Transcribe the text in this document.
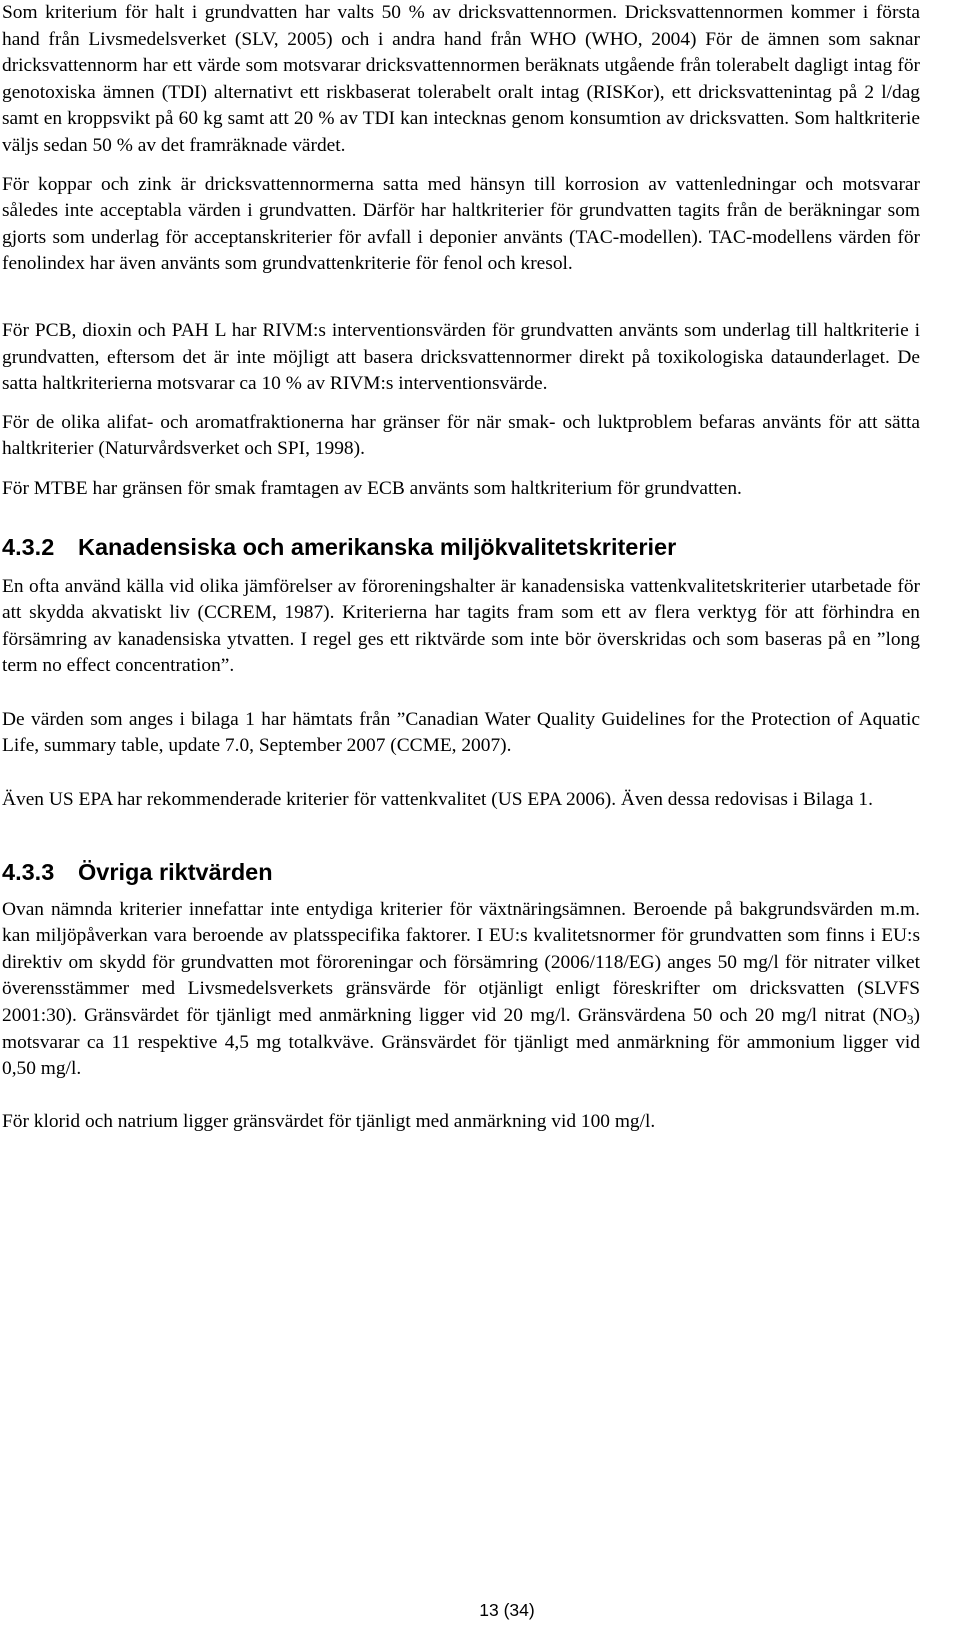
Som kriterium för halt i grundvatten har valts 50 % av dricksvattennormen. Dricksvattennormen kommer i första hand från Livsmedelsverket (SLV, 2005) och i andra hand från WHO (WHO, 2004) För de ämnen som saknar dricksvattennorm har ett värde som motsvarar dricksvattennormen beräknats utgående från tolerabelt dagligt intag för genotoxiska ämnen (TDI) alternativt ett riskbaserat tolerabelt oralt intag (RISKor), ett dricksvattenintag på 2 l/dag samt en kroppsvikt på 60 kg samt att 20 % av TDI kan intecknas genom konsumtion av dricksvatten. Som haltkriterie väljs sedan 50 % av det framräknade värdet.

För koppar och zink är dricksvattennormerna satta med hänsyn till korrosion av vattenledningar och motsvarar således inte acceptabla värden i grundvatten. Därför har haltkriterier för grundvatten tagits från de beräkningar som gjorts som underlag för acceptanskriterier för avfall i deponier använts (TAC-modellen). TAC-modellens värden för fenolindex har även använts som grundvattenkriterie för fenol och kresol.

För PCB, dioxin och PAH L har RIVM:s interventionsvärden för grundvatten använts som underlag till haltkriterie i grundvatten, eftersom det är inte möjligt att basera dricksvattennormer direkt på toxikologiska dataunderlaget. De satta haltkriterierna motsvarar ca 10 % av RIVM:s interventionsvärde.

För de olika alifat- och aromatfraktionerna har gränser för när smak- och luktproblem befaras använts för att sätta haltkriterier (Naturvårdsverket och SPI, 1998).

För MTBE har gränsen för smak framtagen av ECB använts som haltkriterium för grundvatten.

4.3.2	Kanadensiska och amerikanska miljökvalitetskriterier

En ofta använd källa vid olika jämförelser av föroreningshalter är kanadensiska vattenkvalitetskriterier utarbetade för att skydda akvatiskt liv (CCREM, 1987). Kriterierna har tagits fram som ett av flera verktyg för att förhindra en försämring av kanadensiska ytvatten. I regel ges ett riktvärde som inte bör överskridas och som baseras på en ”long term no effect concentration”.

De värden som anges i bilaga 1 har hämtats från ”Canadian Water Quality Guidelines for the Protection of Aquatic Life, summary table, update 7.0, September 2007 (CCME, 2007).

Även US EPA har rekommenderade kriterier för vattenkvalitet (US EPA 2006). Även dessa redovisas i Bilaga 1.

4.3.3	Övriga riktvärden

Ovan nämnda kriterier innefattar inte entydiga kriterier för växtnäringsämnen. Beroende på bakgrundsvärden m.m. kan miljöpåverkan vara beroende av platsspecifika faktorer. I EU:s kvalitetsnormer för grundvatten som finns i EU:s direktiv om skydd för grundvatten mot föroreningar och försämring (2006/118/EG) anges 50 mg/l för nitrater vilket överensstämmer med Livsmedelsverkets gränsvärde för otjänligt enligt föreskrifter om dricksvatten (SLVFS 2001:30). Gränsvärdet för tjänligt med anmärkning ligger vid 20 mg/l. Gränsvärdena 50 och 20 mg/l nitrat $(NO_3)$ motsvarar ca 11 respektive 4,5 mg totalkväve. Gränsvärdet för tjänligt med anmärkning för ammonium ligger vid 0,50 mg/l.

För klorid och natrium ligger gränsvärdet för tjänligt med anmärkning vid 100 mg/l.

13 (34)
